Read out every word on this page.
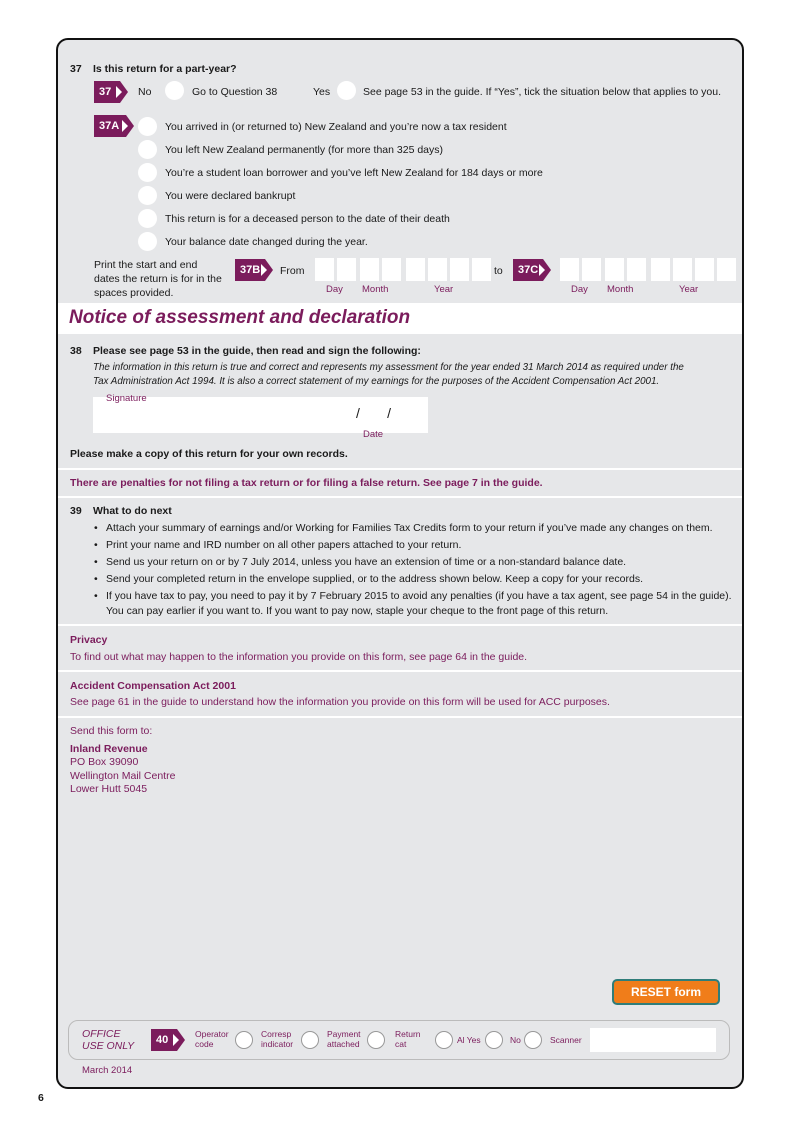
37 Is this return for a part-year?
37	No	Go to Question 38	Yes	See page 53 in the guide. If “Yes”, tick the situation below that applies to you.
37A	You arrived in (or returned to) New Zealand and you’re now a tax resident
You left New Zealand permanently (for more than 325 days)
You’re a student loan borrower and you’ve left New Zealand for 184 days or more
You were declared bankrupt
This return is for a deceased person to the date of their death
Your balance date changed during the year.
Print the start and end
dates the return is for in the
spaces provided.
37B	From	to	37C
Day Month	Year	Day Month	Year
Notice of assessment and declaration
38 Please see page 53 in the guide, then read and sign the following:
The information in this return is true and correct and represents my assessment for the year ended 31 March 2014 as required under the
Tax Administration Act 1994. It is also a correct statement of my earnings for the purposes of the Accident Compensation Act 2001.
Signature
/       /
Date
Please make a copy of this return for your own records.
There are penalties for not filing a tax return or for filing a false return. See page 7 in the guide.
39 What to do next
• Attach your summary of earnings and/or Working for Families Tax Credits form to your return if you’ve made any changes on them.
• Print your name and IRD number on all other papers attached to your return.
• Send us your return on or by 7 July 2014, unless you have an extension of time or a non-standard balance date.
• Send your completed return in the envelope supplied, or to the address shown below. Keep a copy for your records.
• If you have tax to pay, you need to pay it by 7 February 2015 to avoid any penalties (if you have a tax agent, see page 54 in the guide).
You can pay earlier if you want to. If you want to pay now, staple your cheque to the front page of this return.
Privacy
To find out what may happen to the information you provide on this form, see page 64 in the guide.
Accident Compensation Act 2001
See page 61 in the guide to understand how the information you provide on this form will be used for ACC purposes.
Send this form to:
Inland Revenue
PO Box 39090
Wellington Mail Centre
Lower Hutt 5045
RESET form
OFFICE
USE ONLY	40	Operator
code
Corresp
indicator
Payment
attached
Return
cat	Al Yes	No	Scanner
March 2014
6
